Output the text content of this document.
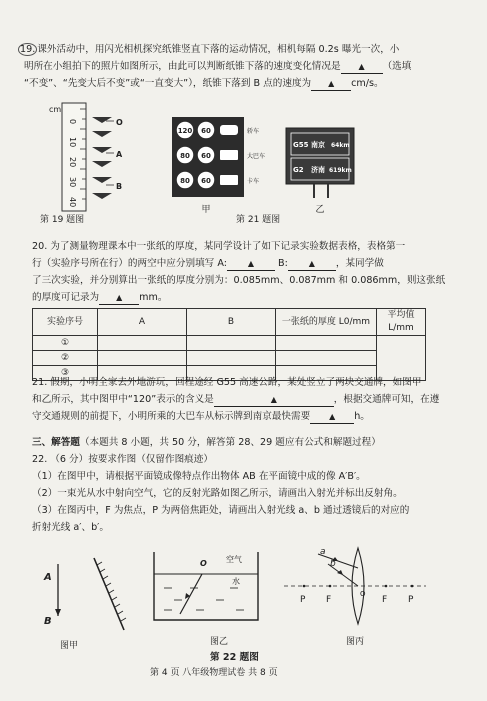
19. 课外活动中，用闪光相机探究纸锥竖直下落的运动情况，相机每隔 0.2s 曝光一次，小
明所在小组拍下的照片如图所示，由此可以判断纸锥下落的速度变化情况是 ▲ （选填
“不变”、“先变大后不变”或“一直变大”），纸锥下落到 B 点的速度为 ▲ cm/s。
cm
0
10
20
30
40
O
A
B
第 19 题图
120 60
80 60
80 60
轿车
大巴车
卡车
甲
G55 南京 64km
G2 济南 619km
乙
第 21 题图
20. 为了测量物理课本中一张纸的厚度，某同学设计了如下记录实验数据表格，表格第一
行（实验序号所在行）的两空中应分别填写 A:	▲ B:	▲ ，某同学做
了三次实验，并分别算出一张纸的厚度分别为：0.085mm、0.087mm 和 0.086mm，则这张纸
的厚度可记录为 ▲ mm。
实验序号	A	B	一张纸的厚度 L0/mm	平均值 L/mm
①				
②				
③				
21. 假期，小明全家去外地游玩，回程途经 G55 高速公路，某处竖立了两块交通牌，如图甲
和乙所示，其中图甲中“120”表示的含义是	▲	，根据交通牌可知，在遵
守交通规则的前提下，小明所乘的大巴车从标示牌到南京最快需要 ▲ h。
三、解答题（本题共 8 小题，共 50 分，解答第 28、29 题应有公式和解题过程）
22. （6 分）按要求作图（仅留作图痕迹）
（1）在图甲中，请根据平面镜成像特点作出物体 AB 在平面镜中成的像 A′B′。
（2）一束光从水中射向空气，它的反射光路如图乙所示，请画出入射光并标出反射角。
（3）在图丙中，F 为焦点，P 为两倍焦距处，请画出入射光线 a、b 通过透镜后的对应的
折射光线 a′、b′。
A
B
图甲
O 空气
水
图乙
a
b
P F
O
F P
图丙
第 22 题图
第 4 页 八年级物理试卷 共 8 页
